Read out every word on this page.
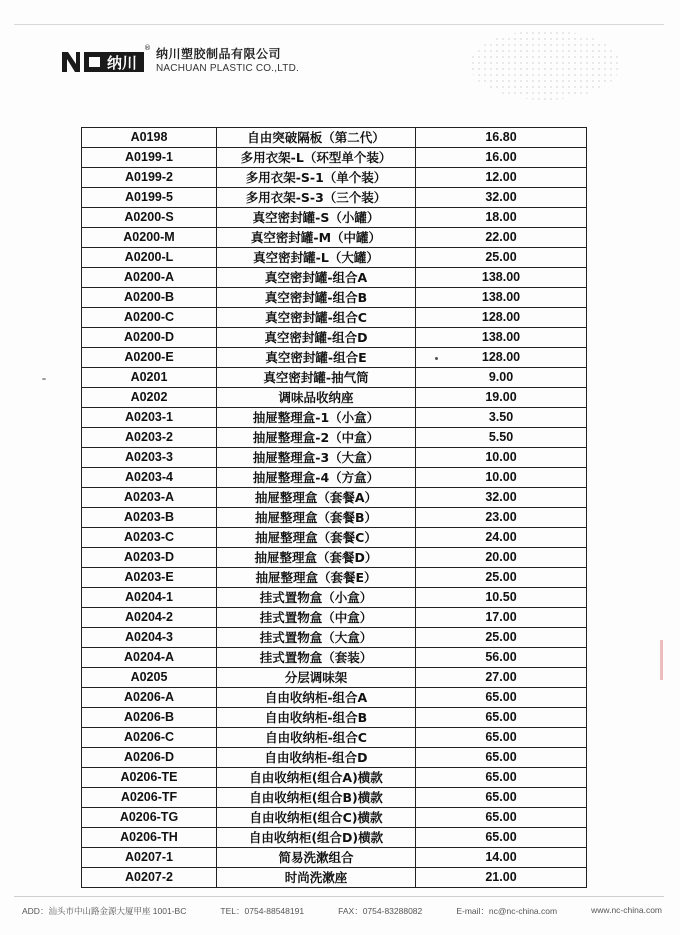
纳川
® 纳川塑胶制品有限公司
NACHUAN PLASTIC CO.,LTD.
A0198	自由突破隔板（第二代）	16.80
A0199-1	多用衣架-L（环型单个装）	16.00
A0199-2	多用衣架-S-1（单个装）	12.00
A0199-5	多用衣架-S-3（三个装）	32.00
A0200-S	真空密封罐-S（小罐）	18.00
A0200-M	真空密封罐-M（中罐）	22.00
A0200-L	真空密封罐-L（大罐）	25.00
A0200-A	真空密封罐-组合A	138.00
A0200-B	真空密封罐-组合B	138.00
A0200-C	真空密封罐-组合C	128.00
A0200-D	真空密封罐-组合D	138.00
A0200-E	真空密封罐-组合E	128.00
A0201	真空密封罐-抽气筒	9.00
A0202	调味品收纳座	19.00
A0203-1	抽屉整理盒-1（小盒）	3.50
A0203-2	抽屉整理盒-2（中盒）	5.50
A0203-3	抽屉整理盒-3（大盒）	10.00
A0203-4	抽屉整理盒-4（方盒）	10.00
A0203-A	抽屉整理盒（套餐A）	32.00
A0203-B	抽屉整理盒（套餐B）	23.00
A0203-C	抽屉整理盒（套餐C）	24.00
A0203-D	抽屉整理盒（套餐D）	20.00
A0203-E	抽屉整理盒（套餐E）	25.00
A0204-1	挂式置物盒（小盒）	10.50
A0204-2	挂式置物盒（中盒）	17.00
A0204-3	挂式置物盒（大盒）	25.00
A0204-A	挂式置物盒（套装）	56.00
A0205	分层调味架	27.00
A0206-A	自由收纳柜-组合A	65.00
A0206-B	自由收纳柜-组合B	65.00
A0206-C	自由收纳柜-组合C	65.00
A0206-D	自由收纳柜-组合D	65.00
A0206-TE	自由收纳柜(组合A)横款	65.00
A0206-TF	自由收纳柜(组合B)横款	65.00
A0206-TG	自由收纳柜(组合C)横款	65.00
A0206-TH	自由收纳柜(组合D)横款	65.00
A0207-1	简易洗漱组合	14.00
A0207-2	时尚洗漱座	21.00
ADD：汕头市中山路金源大厦甲座 1001-BC	TEL：0754-88548191	FAX：0754-83288082	E-mail：nc@nc-china.com	www.nc-china.com
